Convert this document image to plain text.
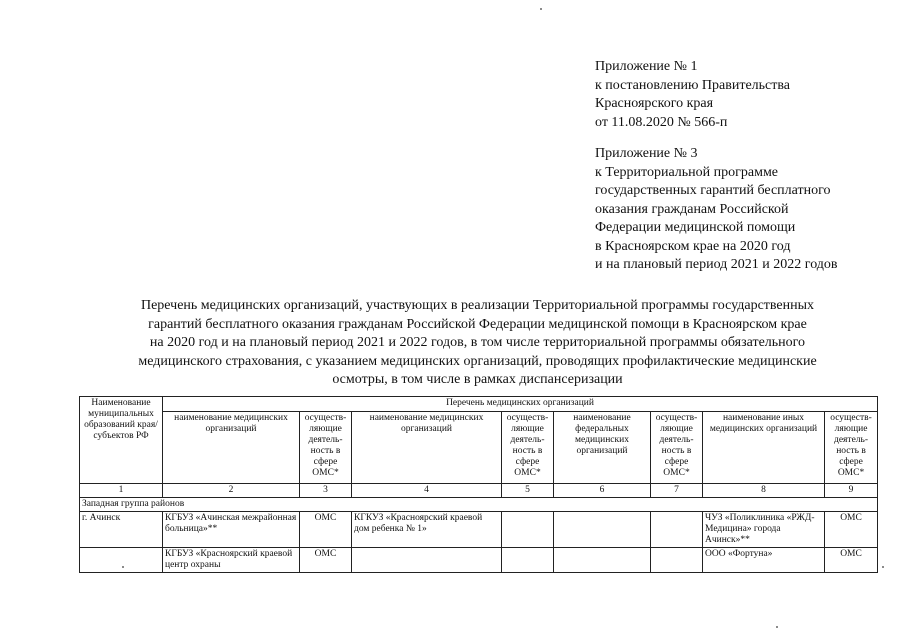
Приложение № 1
к постановлению Правительства
Красноярского края
от 11.08.2020 № 566-п
Приложение № 3
к Территориальной программе
государственных гарантий бесплатного
оказания гражданам Российской
Федерации медицинской помощи
в Красноярском крае на 2020 год
и на плановый период 2021 и 2022 годов
Перечень медицинских организаций, участвующих в реализации Территориальной программы государственных
гарантий бесплатного оказания гражданам Российской Федерации медицинской помощи в Красноярском крае
на 2020 год и на плановый период 2021 и 2022 годов, в том числе территориальной программы обязательного
медицинского страхования, с указанием медицинских организаций, проводящих профилактические медицинские
осмотры, в том числе в рамках диспансеризации
Наименование муниципальных образований края/субъектов РФ	Перечень медицинских организаций							
	наименование медицинских организаций	осуществ-ляющие деятель-ность в сфере ОМС*	наименование медицинских организаций	осуществ-ляющие деятель-ность в сфере ОМС*	наименование федеральных медицинских организаций	осуществ-ляющие деятель-ность в сфере ОМС*	наименование иных медицинских организаций	осуществ-ляющие деятель-ность в сфере ОМС*
1	2	3	4	5	6	7	8	9
Западная группа районов								
г. Ачинск	КГБУЗ «Ачинская межрайонная больница»**	ОМС	КГКУЗ «Красноярский краевой дом ребенка № 1»				ЧУЗ «Поликлиника «РЖД-Медицина» города Ачинск»**	ОМС
	КГБУЗ «Красноярский краевой центр охраны	ОМС					ООО «Фортуна»	ОМС
